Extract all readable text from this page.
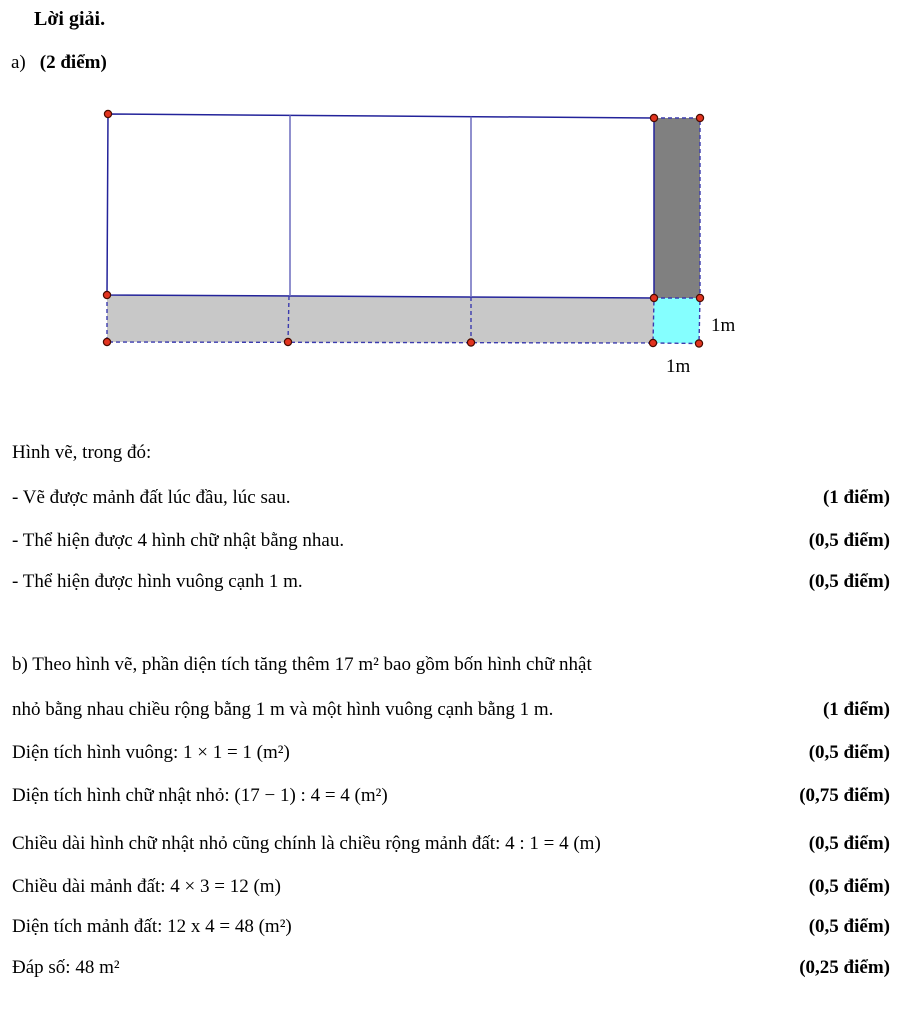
Lời giải.
a) (2 điểm)
1m
1m
Hình vẽ, trong đó:
- Vẽ được mảnh đất lúc đầu, lúc sau.	(1 điểm)
- Thể hiện được 4 hình chữ nhật bằng nhau.	(0,5 điểm)
- Thể hiện được hình vuông cạnh 1 m.	(0,5 điểm)
b) Theo hình vẽ, phần diện tích tăng thêm 17 m² bao gồm bốn hình chữ nhật
nhỏ bằng nhau chiều rộng bằng 1 m và một hình vuông cạnh bằng 1 m.	(1 điểm)
Diện tích hình vuông: 1 × 1 = 1 (m²)	(0,5 điểm)
Diện tích hình chữ nhật nhỏ: (17 − 1) : 4 = 4 (m²)	(0,75 điểm)
Chiều dài hình chữ nhật nhỏ cũng chính là chiều rộng mảnh đất: 4 : 1 = 4 (m)	(0,5 điểm)
Chiều dài mảnh đất: 4 × 3 = 12 (m)	(0,5 điểm)
Diện tích mảnh đất: 12 x 4 = 48 (m²)	(0,5 điểm)
Đáp số: 48 m²	(0,25 điểm)
